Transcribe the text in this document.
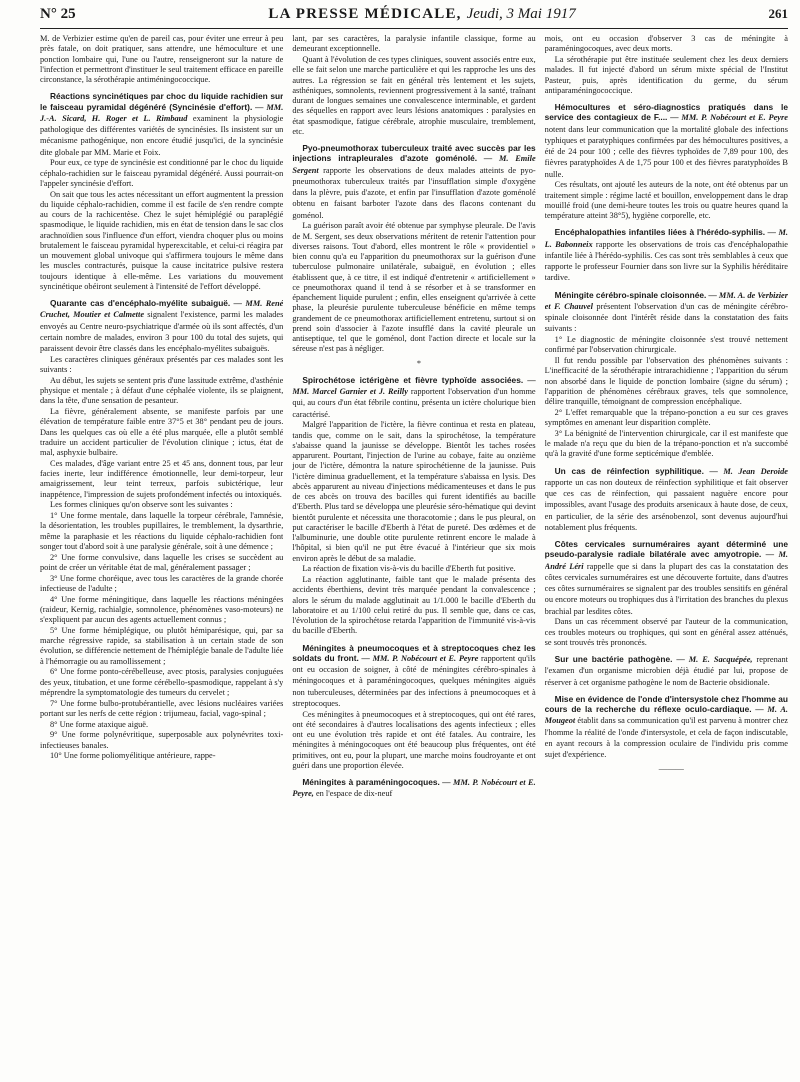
N° 25	LA PRESSE MÉDICALE, Jeudi, 3 Mai 1917	261

M. de Verbizier estime qu'en de pareil cas, pour éviter une erreur à peu près fatale, on doit pratiquer, sans attendre, une hémoculture et une ponction lombaire qui, l'une ou l'autre, renseigneront sur la nature de l'infection et permettront d'instituer le seul traitement efficace en pareille circonstance, la sérothérapie antiméningococcique.

Réactions syncinétiques par choc du liquide rachidien sur le faisceau pyramidal dégénéré (Syncinésie d'effort). — MM. J.-A. Sicard, H. Roger et L. Rimbaud examinent la physiologie pathologique des différentes variétés de syncinésies. Ils insistent sur un mécanisme pathogénique, non encore étudié jusqu'ici, de la syncinésie dite globale par MM. Marie et Foix.

Pour eux, ce type de syncinésie est conditionné par le choc du liquide céphalo-rachidien sur le faisceau pyramidal dégénéré. Aussi pourrait-on l'appeler syncinésie d'effort.

On sait que tous les actes nécessitant un effort augmentent la pression du liquide céphalo-rachidien, comme il est facile de s'en rendre compte au cours de la rachicentèse. Chez le sujet hémiplégié ou paraplégié spasmodique, le liquide rachidien, mis en état de tension dans le sac clos arachnoïdien sous l'influence d'un effort, viendra choquer plus ou moins brutalement le faisceau pyramidal hyperexcitable, et celui-ci réagira par un mouvement global univoque qui s'affirmera toujours le même dans les muscles contracturés, puisque la cause incitatrice pulsive restera toujours identique à elle-même. Les variations du mouvement syncinétique obéiront seulement à l'intensité de l'effort développé.

Quarante cas d'encéphalo-myélite subaiguë. — MM. René Cruchet, Moutier et Calmette signalent l'existence, parmi les malades envoyés au Centre neuro-psychiatrique d'armée où ils sont affectés, d'un certain nombre de malades, environ 3 pour 100 du total des sujets, qui paraissent devoir être classés dans les encéphalo-myélites subaiguës.

Les caractères cliniques généraux présentés par ces malades sont les suivants :

Au début, les sujets se sentent pris d'une lassitude extrême, d'asthénie physique et mentale ; à défaut d'une céphalée violente, ils se plaignent, dans la tête, d'une sensation de pesanteur.

La fièvre, généralement absente, se manifeste parfois par une élévation de température faible entre 37°5 et 38° pendant peu de jours. Dans les quelques cas où elle a été plus marquée, elle a plutôt semblé traduire un accident particulier de l'évolution clinique ; ictus, état de mal, asphyxie bulbaire.

Ces malades, d'âge variant entre 25 et 45 ans, donnent tous, par leur facies inerte, leur indifférence émotionnelle, leur demi-torpeur, leur amaigrissement, leur teint terreux, parfois subictérique, leur inappétence, l'impression de sujets profondément infectés ou intoxiqués.

Les formes cliniques qu'on observe sont les suivantes :

1° Une forme mentale, dans laquelle la torpeur cérébrale, l'amnésie, la désorientation, les troubles pupillaires, le tremblement, la dysarthrie, même la paraphasie et les réactions du liquide céphalo-rachidien font songer tout d'abord soit à une paralysie générale, soit à une démence ;

2° Une forme convulsive, dans laquelle les crises se succèdent au point de créer un véritable état de mal, généralement passager ;

3° Une forme choréique, avec tous les caractères de la grande chorée infectieuse de l'adulte ;

4° Une forme méningitique, dans laquelle les réactions méningées (raideur, Kernig, rachialgie, somnolence, phénomènes vaso-moteurs) ne s'expliquent par aucun des agents actuellement connus ;

5° Une forme hémiplégique, ou plutôt hémiparésique, qui, par sa marche régressive rapide, sa stabilisation à un certain stade de son évolution, se différencie nettement de l'hémiplégie banale de l'adulte liée à l'hémorragie ou au ramollissement ;

6° Une forme ponto-cérébelleuse, avec ptosis, paralysies conjuguées des yeux, titubation, et une forme cérébello-spasmodique, rappelant à s'y méprendre la symptomatologie des tumeurs du cervelet ;

7° Une forme bulbo-protubérantielle, avec lésions nucléaires variées portant sur les nerfs de cette région : trijumeau, facial, vago-spinal ;

8° Une forme ataxique aiguë.

9° Une forme polynévritique, superposable aux polynévrites toxi-infectieuses banales.

10° Une forme poliomyélitique antérieure, rappe-

lant, par ses caractères, la paralysie infantile classique, forme au demeurant exceptionnelle.

Quant à l'évolution de ces types cliniques, souvent associés entre eux, elle se fait selon une marche particulière et qui les rapproche les uns des autres. La régression se fait en général très lentement et les sujets, asthéniques, somnolents, reviennent progressivement à la santé, traînant durant de longues semaines une convalescence interminable, et gardent des séquelles en rapport avec leurs lésions anatomiques : paralysies en état spasmodique, fatigue cérébrale, atrophie musculaire, tremblement, etc.

Pyo-pneumothorax tuberculeux traité avec succès par les injections intrapleurales d'azote goménolé. — M. Emile Sergent rapporte les observations de deux malades atteints de pyo-pneumothorax tuberculeux traités par l'insufflation simple d'oxygène dans la plèvre, puis d'azote, et enfin par l'insufflation d'azote goménolé obtenu en faisant barboter l'azote dans des flacons contenant du goménol.

La guérison paraît avoir été obtenue par symphyse pleurale. De l'avis de M. Sergent, ses deux observations méritent de retenir l'attention pour diverses raisons. Tout d'abord, elles montrent le rôle « providentiel » bien connu qu'a eu l'apparition du pneumothorax sur la guérison d'une tuberculose pulmonaire unilatérale, subaiguë, en évolution ; elles établissent que, à ce titre, il est indiqué d'entretenir « artificiellement » ce pneumothorax quand il tend à se résorber et à se transformer en épanchement liquide purulent ; enfin, elles enseignent qu'arrivée à cette phase, la pleurésie purulente tuberculeuse bénéficie en même temps grandement de ce pneumothorax artificiellement entretenu, surtout si on prend soin d'associer à l'azote insufflé dans la cavité pleurale un antiseptique, tel que le goménol, dont l'action directe et locale sur la séreuse n'est pas à négliger.

*

Spirochétose ictérigène et fièvre typhoïde associées. — MM. Marcel Garnier et J. Reilly rapportent l'observation d'un homme qui, au cours d'un état fébrile continu, présenta un ictère cholurique bien caractérisé.

Malgré l'apparition de l'ictère, la fièvre continua et resta en plateau, tandis que, comme on le sait, dans la spirochétose, la température s'abaisse quand la jaunisse se développe. Bientôt les taches rosées apparurent. Pourtant, l'injection de l'urine au cobaye, faite au onzième jour de l'ictère, démontra la nature spirochétienne de la jaunisse. Puis l'ictère diminua graduellement, et la température s'abaissa en lysis. Des abcès apparurent au niveau d'injections médicamenteuses et dans le pus de ces abcès on trouva des bacilles qui furent identifiés au bacille d'Eberth. Plus tard se développa une pleurésie séro-hématique qui devint bientôt purulente et nécessita une thoracotomie ; dans le pus pleural, on put caractériser le bacille d'Eberth à l'état de pureté. Des œdèmes et de l'albuminurie, une double otite purulente retinrent encore le malade à l'hôpital, si bien qu'il ne put être évacué à l'intérieur que six mois environ après le début de sa maladie.

La réaction de fixation vis-à-vis du bacille d'Eberth fut positive.

La réaction agglutinante, faible tant que le malade présenta des accidents éberthiens, devint très marquée pendant la convalescence ; alors le sérum du malade agglutinait au 1/1.000 le bacille d'Eberth du laboratoire et au 1/100 celui retiré du pus. Il semble que, dans ce cas, l'évolution de la spirochétose retarda l'apparition de l'immunité vis-à-vis du bacille d'Eberth.

Méningites à pneumocoques et à streptocoques chez les soldats du front. — MM. P. Nobécourt et E. Peyre rapportent qu'ils ont eu occasion de soigner, à côté de méningites cérébro-spinales à méningocoques et à paraméningocoques, quelques méningites aiguës non tuberculeuses, déterminées par des infections à pneumocoques et à streptocoques.

Ces méningites à pneumocoques et à streptocoques, qui ont été rares, ont été secondaires à d'autres localisations des agents infectieux ; elles ont eu une évolution très rapide et ont été fatales. Au contraire, les méningites à méningocoques ont été beaucoup plus fréquentes, ont été primitives, ont eu, pour la plupart, une marche moins foudroyante et ont guéri dans une proportion élevée.

Méningites à paraméningocoques. — MM. P. Nobécourt et E. Peyre, en l'espace de dix-neuf

mois, ont eu occasion d'observer 3 cas de méningite à paraméningocoques, avec deux morts.

La sérothérapie put être instituée seulement chez les deux derniers malades. Il fut injecté d'abord un sérum mixte spécial de l'Institut Pasteur, puis, après identification du germe, du sérum antiparaméningococcique.

Hémocultures et séro-diagnostics pratiqués dans le service des contagieux de F.... — MM. P. Nobécourt et E. Peyre notent dans leur communication que la mortalité globale des infections typhiques et paratyphiques confirmées par des hémocultures positives, a été de 24 pour 100 ; celle des fièvres typhoïdes de 7,89 pour 100, des fièvres paratyphoïdes A de 1,75 pour 100 et des fièvres paratyphoïdes B nulle.

Ces résultats, ont ajouté les auteurs de la note, ont été obtenus par un traitement simple : régime lacté et bouillon, enveloppement dans le drap mouillé froid (une demi-heure toutes les trois ou quatre heures quand la température atteint 38°5), hygiène corporelle, etc.

Encéphalopathies infantiles liées à l'hérédo-syphilis. — M. L. Babonneix rapporte les observations de trois cas d'encéphalopathie infantile liée à l'hérédo-syphilis. Ces cas sont très semblables à ceux que rapporte le professeur Fournier dans son livre sur la Syphilis héréditaire tardive.

Méningite cérébro-spinale cloisonnée. — MM. A. de Verbizier et F. Chauvel présentent l'observation d'un cas de méningite cérébro-spinale cloisonnée dont l'intérêt réside dans la constatation des faits suivants :

1° Le diagnostic de méningite cloisonnée s'est trouvé nettement confirmé par l'observation chirurgicale.

Il fut rendu possible par l'observation des phénomènes suivants : L'inefficacité de la sérothérapie intrarachidienne ; l'apparition du sérum non absorbé dans le liquide de ponction lombaire (signe du sérum) ; l'apparition de phénomènes cérébraux graves, tels que somnolence, délire tranquille, témoignant de compression encéphalique.

2° L'effet remarquable que la trépano-ponction a eu sur ces graves symptômes en amenant leur disparition complète.

3° La bénignité de l'intervention chirurgicale, car il est manifeste que le malade n'a reçu que du bien de la trépano-ponction et n'a succombé qu'à la gravité d'une forme septicémique d'emblée.

Un cas de réinfection syphilitique. — M. Jean Deroide rapporte un cas non douteux de réinfection syphilitique et fait observer que ces cas de réinfection, qui passaient naguère encore pour impossibles, avant l'usage des produits arsenicaux à haute dose, de ceux, en particulier, de la série des arsénobenzol, sont devenus aujourd'hui notablement plus fréquents.

Côtes cervicales surnuméraires ayant déterminé une pseudo-paralysie radiale bilatérale avec amyotropie. — M. André Léri rappelle que si dans la plupart des cas la constatation des côtes cervicales surnuméraires est une découverte fortuite, dans d'autres ces côtes surnuméraires se signalent par des troubles sensitifs en général ou encore moteurs ou trophiques dus à l'irritation des branches du plexus brachial par lesdites côtes.

Dans un cas récemment observé par l'auteur de la communication, ces troubles moteurs ou trophiques, qui sont en général assez atténués, se sont trouvés très prononcés.

Sur une bactérie pathogène. — M. E. Sacquépée, reprenant l'examen d'un organisme microbien déjà étudié par lui, propose de réserver à cet organisme pathogène le nom de Bacterie obsidionale.

Mise en évidence de l'onde d'intersystole chez l'homme au cours de la recherche du réflexe oculo-cardiaque. — M. A. Mougeot établit dans sa communication qu'il est parvenu à montrer chez l'homme la réalité de l'onde d'intersystole, et cela de façon indiscutable, en ayant recours à la compression oculaire de l'individu pris comme sujet d'expérience.

———
